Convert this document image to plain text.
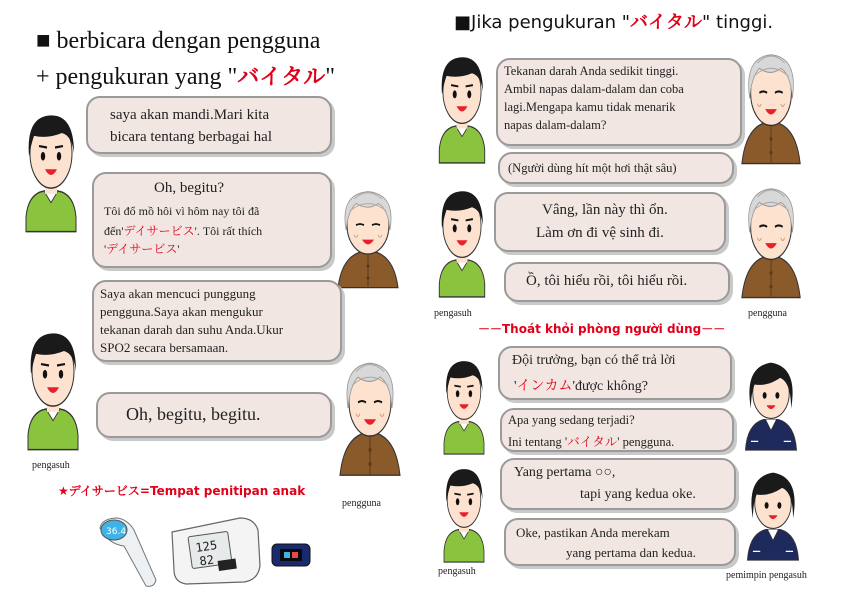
■ berbicara dengan pengguna
+ pengukuran yang "バイタル"
saya akan mandi.Mari kita
bicara tentang berbagai hal
Oh, begitu?
Tôi đổ mồ hôi vì hôm nay tôi đã
đến'デイサービス'. Tôi rất thích
'デイサービス'
Saya akan mencuci punggung
pengguna.Saya akan mengukur
tekanan darah dan suhu Anda.Ukur
SPO2 secara bersamaan.
Oh, begitu, begitu.
pengasuh
★デイサービス=Tempat penitipan anak
pengguna
36.4
125
82
■Jika pengukuran "バイタル" tinggi.
Tekanan darah Anda sedikit tinggi.
Ambil napas dalam-dalam dan coba
lagi.Mengapa kamu tidak menarik
napas dalam-dalam?
(Người dùng hít một hơi thật sâu)
Vâng, lần này thì ổn.
Làm ơn đi vệ sinh đi.
Ồ, tôi hiểu rồi, tôi hiểu rồi.
pengasuh	pengguna
－－Thoát khỏi phòng người dùng－－
Đội trưởng, bạn có thể trả lời
'インカム'được không?
Apa yang sedang terjadi?
Ini tentang 'バイタル' pengguna.
Yang pertama ○○,
tapi yang kedua oke.
Oke, pastikan Anda merekam
yang pertama dan kedua.
pengasuh	pemimpin pengasuh
